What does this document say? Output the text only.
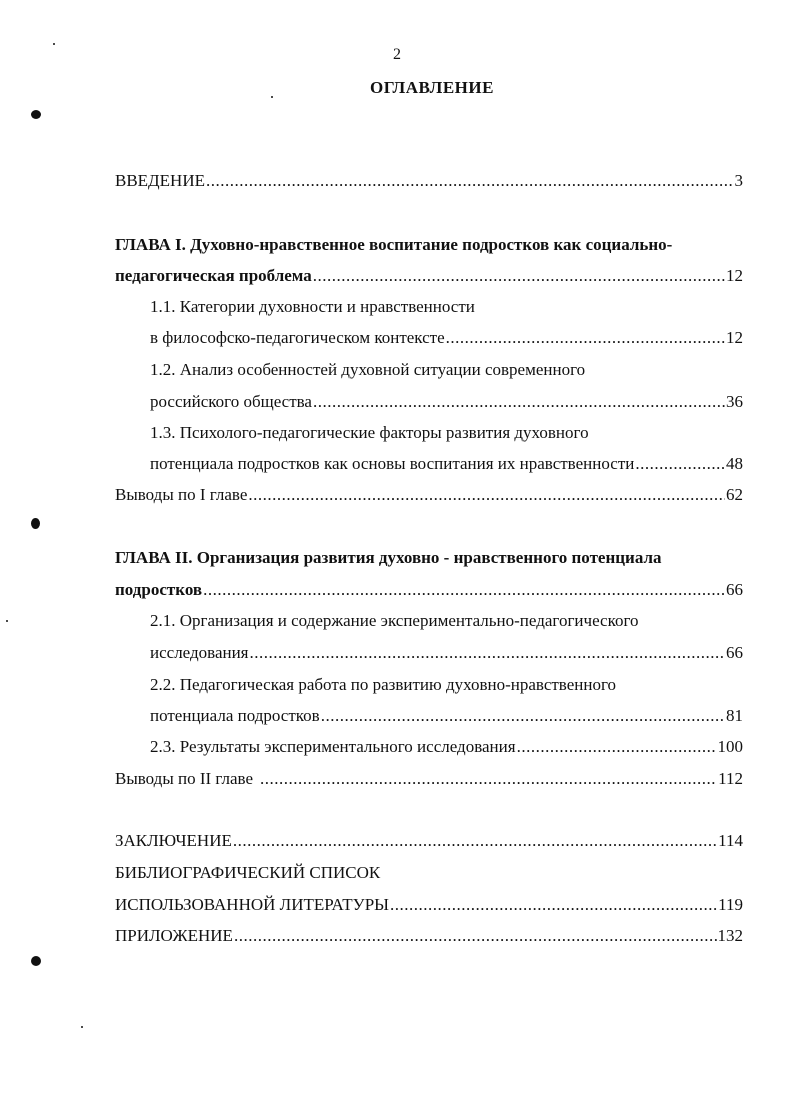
2
ОГЛАВЛЕНИЕ
ВВЕДЕНИЕ .....	3
ГЛАВА I. Духовно-нравственное воспитание подростков как социально-
педагогическая проблема .....	12
1.1. Категории духовности и нравственности
в философско-педагогическом контексте .....	12
1.2. Анализ особенностей духовной ситуации современного
российского общества .....	36
1.3. Психолого-педагогические факторы развития духовного
потенциала подростков как основы воспитания их нравственности .....	48
Выводы по I главе .....	62
ГЛАВА II. Организация развития духовно - нравственного потенциала
подростков .....	66
2.1. Организация и содержание экспериментально-педагогического
исследования .....	66
2.2. Педагогическая работа по развитию духовно-нравственного
потенциала подростков .....	81
2.3. Результаты экспериментального исследования .....	100
Выводы по II главе .....	112
ЗАКЛЮЧЕНИЕ .....	114
БИБЛИОГРАФИЧЕСКИЙ СПИСОК
ИСПОЛЬЗОВАННОЙ ЛИТЕРАТУРЫ .....	119
ПРИЛОЖЕНИЕ .....	132
